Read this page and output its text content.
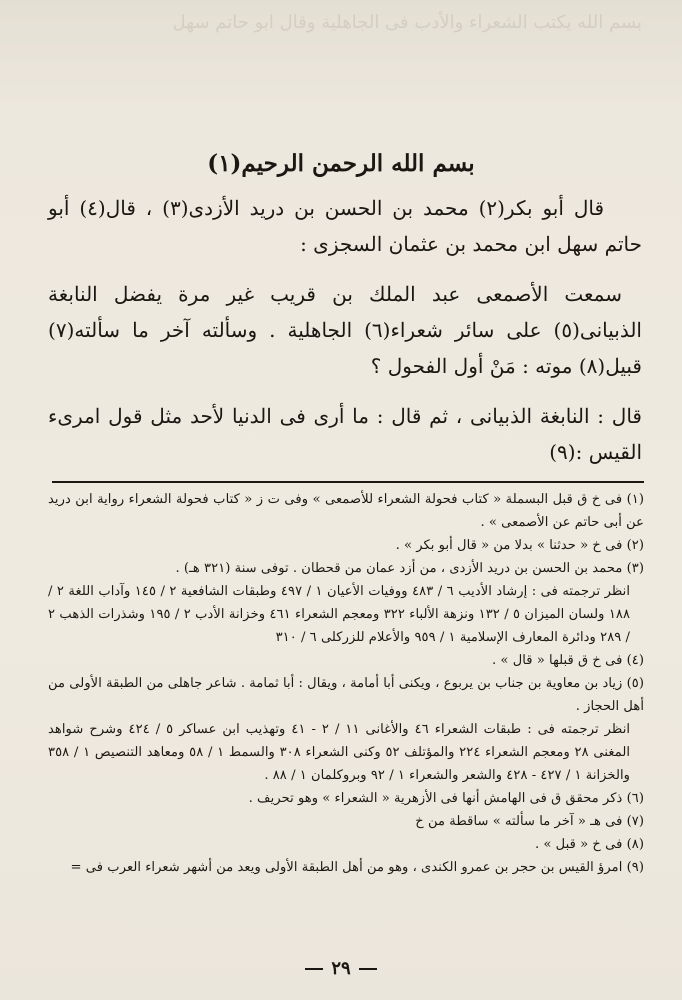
بسم الله يكتب الشعراء والأدب فى الجاهلية وقال ابو حاتم سهل
بسم الله الرحمن الرحيم(١)

قال أبو بكر(٢) محمد بن الحسن بن دريد الأزدى(٣) ، قال(٤) أبو حاتم سهل ابن محمد بن عثمان السجزى :

سمعت الأصمعى عبد الملك بن قريب غير مرة يفضل النابغة الذبيانى(٥) على سائر شعراء(٦) الجاهلية . وسألته آخر ما سألته(٧) قبيل(٨) موته : مَنْ أول الفحول ؟

قال : النابغة الذبيانى ، ثم قال : ما أرى فى الدنيا لأحد مثل قول امرىء القيس :(٩)

(١) فى خ ق قبل البسملة « كتاب فحولة الشعراء للأصمعى » وفى ت ز « كتاب فحولة الشعراء رواية ابن دريد عن أبى حاتم عن الأصمعى » .

(٢) فى خ « حدثنا » بدلا من « قال أبو بكر » .

(٣) محمد بن الحسن بن دريد الأزدى ، من أزد عمان من قحطان . توفى سنة (٣٢١ هـ) .

انظر ترجمته فى : إرشاد الأديب ٦ / ٤٨٣ ووفيات الأعيان ١ / ٤٩٧ وطبقات الشافعية ٢ / ١٤٥ وآداب اللغة ٢ / ١٨٨ ولسان الميزان ٥ / ١٣٢ ونزهة الألباء ٣٢٢ ومعجم الشعراء ٤٦١ وخزانة الأدب ٢ / ١٩٥ وشذرات الذهب ٢ / ٢٨٩ ودائرة المعارف الإسلامية ١ / ٩٥٩ والأعلام للزركلى ٦ / ٣١٠

(٤) فى خ ق قبلها « قال » .

(٥) زياد بن معاوية بن جناب بن يربوع ، ويكنى أبا أمامة ، ويقال : أبا ثمامة . شاعر جاهلى من الطبقة الأولى من أهل الحجاز .

انظر ترجمته فى : طبقات الشعراء ٤٦ والأغانى ١١ / ٢ - ٤١ وتهذيب ابن عساكر ٥ / ٤٢٤ وشرح شواهد المغنى ٢٨ ومعجم الشعراء ٢٢٤ والمؤتلف ٥٢ وكنى الشعراء ٣٠٨ والسمط ١ / ٥٨ ومعاهد التنصيص ١ / ٣٥٨ والخزانة ١ / ٤٢٧ - ٤٢٨ والشعر والشعراء ١ / ٩٢ وبروكلمان ١ / ٨٨ .

(٦) ذكر محقق ق فى الهامش أنها فى الأزهرية « الشعراء » وهو تحريف .

(٧) فى هـ « آخر ما سألته » ساقطة من خ

(٨) فى خ « قبل » .

(٩) امرؤ القيس بن حجر بن عمرو الكندى ، وهو من أهل الطبقة الأولى ويعد من أشهر شعراء العرب فى =

٢٩
